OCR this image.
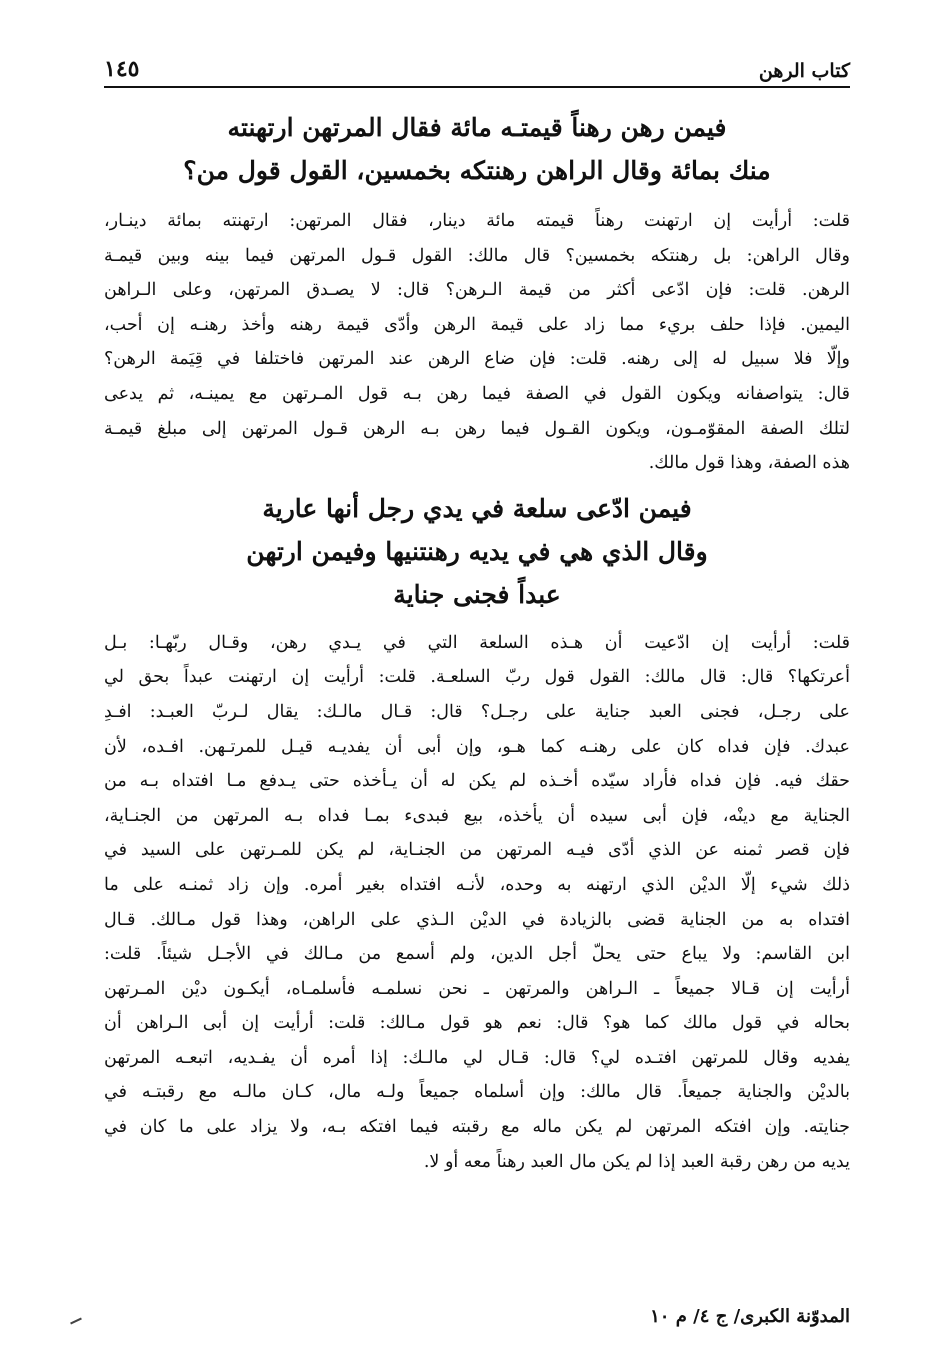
كتاب الرهن
١٤٥
فيمن رهن رهناً قيمتـه مائة فقال المرتهن ارتهنته
منك بمائة وقال الراهن رهنتكه بخمسين، القول قول من؟

قلت: أرأيت إن ارتهنت رهناً قيمته مائة دينار، فقال المرتهن: ارتهنته بمائة دينـار،
وقال الراهن: بل رهنتكه بخمسين؟ قال مالك: القول قـول المرتهن فيما بينه وبين قيمـة
الرهن. قلت: فإن ادّعى أكثر من قيمة الـرهن؟ قال: لا يصـدق المرتهن، وعلى الـراهن
اليمين. فإذا حلف بريء مما زاد على قيمة الرهن وأدّى قيمة رهنه وأخذ رهنـه إن أحب،
وإلّا فلا سبيل له إلى رهنه. قلت: فإن ضاع الرهن عند المرتهن فاختلفا في قِيَمة الرهن؟
قال: يتواصفانه ويكون القول في الصفة فيما رهن بـه قول المـرتهن مع يمينـه، ثم يدعى
لتلك الصفة المقوّمـون، ويكون القـول فيما رهن بـه الرهن قـول المرتهن إلى مبلغ قيمـة
هذه الصفة، وهذا قول مالك.

فيمن ادّعى سلعة في يدي رجل أنها عارية
وقال الذي هي في يديه رهنتنيها وفيمن ارتهن
عبداً فجنى جناية

قلت: أرأيت إن ادّعيت أن هـذه السلعة التي في يـدي رهن، وقـال ربّهـا: بـل
أعرتكها؟ قال: قال مالك: القول قول ربّ السلعـة. قلت: أرأيت إن ارتهنت عبداً بحق لي
على رجـل، فجنى العبد جناية على رجـل؟ قال: قـال مالـك: يقال لـربّ العبـد: افـدِ
عبدك. فإن فداه كان على رهنـه كما هـو، وإن أبى أن يفديـه قيـل للمرتـهن. افـده، لأن
حقك فيه. فإن فداه فأراد سيّده أخـذه لم يكن له أن يـأخذه حتى يـدفع مـا افتداه بـه من
الجناية مع دينْه، فإن أبى سيده أن يأخذه، بيع فبدىء بمـا فداه بـه المرتهن من الجنـاية،
فإن قصر ثمنه عن الذي أدّى فيـه المرتهن من الجنـاية، لم يكن للمـرتهن على السيد في
ذلك شيء إلّا الديْن الذي ارتهنه به وحده، لأنـه افتداه بغير أمره. وإن زاد ثمنـه على ما
افتداه به من الجناية قضى بالزيادة في الديْن الـذي على الراهن، وهذا قول مـالك. قـال
ابن القاسم: ولا يباع حتى يحلّ أجل الدين، ولم أسمع من مـالك في الأجـل شيئاً. قلت:
أرأيت إن قـالا جميعاً ـ الـراهن والمرتهن ـ نحن نسلمـه فأسلمـاه، أيكـون ديْن المـرتهن
بحاله في قول مالك كما هو؟ قال: نعم هو قول مـالك: قلت: أرأيت إن أبى الـراهن أن
يفديه وقال للمرتهن افتـده لي؟ قال: قـال لي مالـك: إذا أمره أن يفـديه، اتبعـه المرتهن
بالديْن والجناية جميعاً. قال مالك: وإن أسلماه جميعاً ولـه مال، كـان مالـه مع رقبتـه في
جنايته. وإن افتكه المرتهن لم يكن ماله مع رقبته فيما افتكه بـه، ولا يزاد على ما كان في
يديه من رهن رقبة العبد إذا لم يكن مال العبد رهناً معه أو لا.

المدوّنة الكبرى/ ج ٤/ م ١٠
